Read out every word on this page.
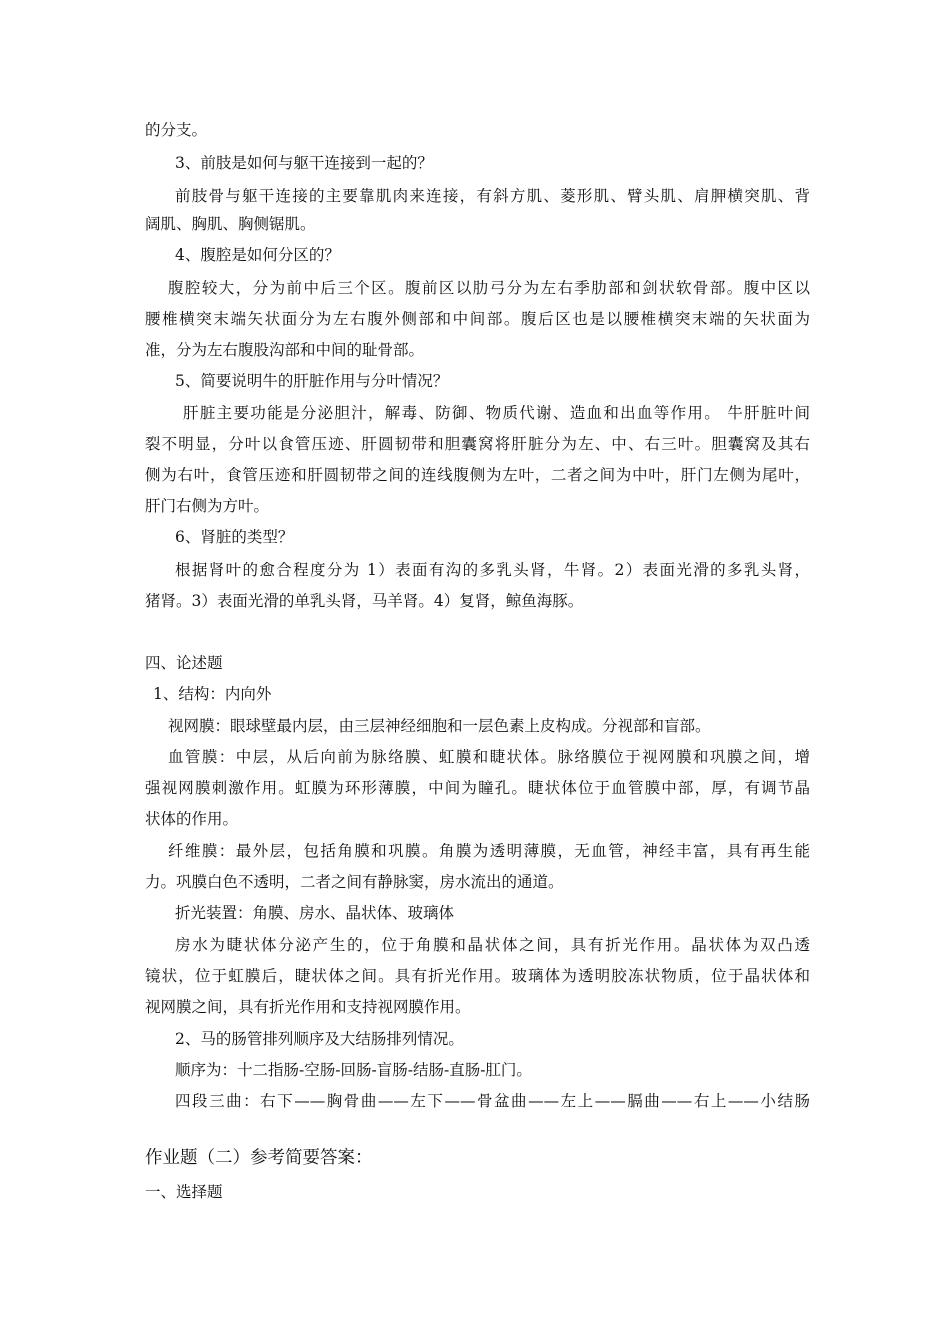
的分支。
3、前肢是如何与躯干连接到一起的？
前肢骨与躯干连接的主要靠肌肉来连接，有斜方肌、菱形肌、臂头肌、肩胛横突肌、背
阔肌、胸肌、胸侧锯肌。
4、腹腔是如何分区的？
腹腔较大，分为前中后三个区。腹前区以肋弓分为左右季肋部和剑状软骨部。腹中区以
腰椎横突末端矢状面分为左右腹外侧部和中间部。腹后区也是以腰椎横突末端的矢状面为
准，分为左右腹股沟部和中间的耻骨部。
5、简要说明牛的肝脏作用与分叶情况？
肝脏主要功能是分泌胆汁，解毒、防御、物质代谢、造血和出血等作用。 牛肝脏叶间
裂不明显，分叶以食管压迹、肝圆韧带和胆囊窝将肝脏分为左、中、右三叶。胆囊窝及其右
侧为右叶，食管压迹和肝圆韧带之间的连线腹侧为左叶，二者之间为中叶，肝门左侧为尾叶，
肝门右侧为方叶。
6、肾脏的类型？
根据肾叶的愈合程度分为 1）表面有沟的多乳头肾，牛肾。2）表面光滑的多乳头肾，
猪肾。3）表面光滑的单乳头肾，马羊肾。4）复肾，鲸鱼海豚。
四、论述题
1、结构：内向外
视网膜：眼球壁最内层，由三层神经细胞和一层色素上皮构成。分视部和盲部。
血管膜：中层，从后向前为脉络膜、虹膜和睫状体。脉络膜位于视网膜和巩膜之间，增
强视网膜刺激作用。虹膜为环形薄膜，中间为瞳孔。睫状体位于血管膜中部，厚，有调节晶
状体的作用。
纤维膜：最外层，包括角膜和巩膜。角膜为透明薄膜，无血管，神经丰富，具有再生能
力。巩膜白色不透明，二者之间有静脉窦，房水流出的通道。
折光装置：角膜、房水、晶状体、玻璃体
房水为睫状体分泌产生的，位于角膜和晶状体之间，具有折光作用。晶状体为双凸透
镜状，位于虹膜后，睫状体之间。具有折光作用。玻璃体为透明胶冻状物质，位于晶状体和
视网膜之间，具有折光作用和支持视网膜作用。
2、马的肠管排列顺序及大结肠排列情况。
顺序为：十二指肠-空肠-回肠-盲肠-结肠-直肠-肛门。
四段三曲：右下——胸骨曲——左下——骨盆曲——左上——膈曲——右上——小结肠
作业题（二）参考简要答案：
一、选择题
